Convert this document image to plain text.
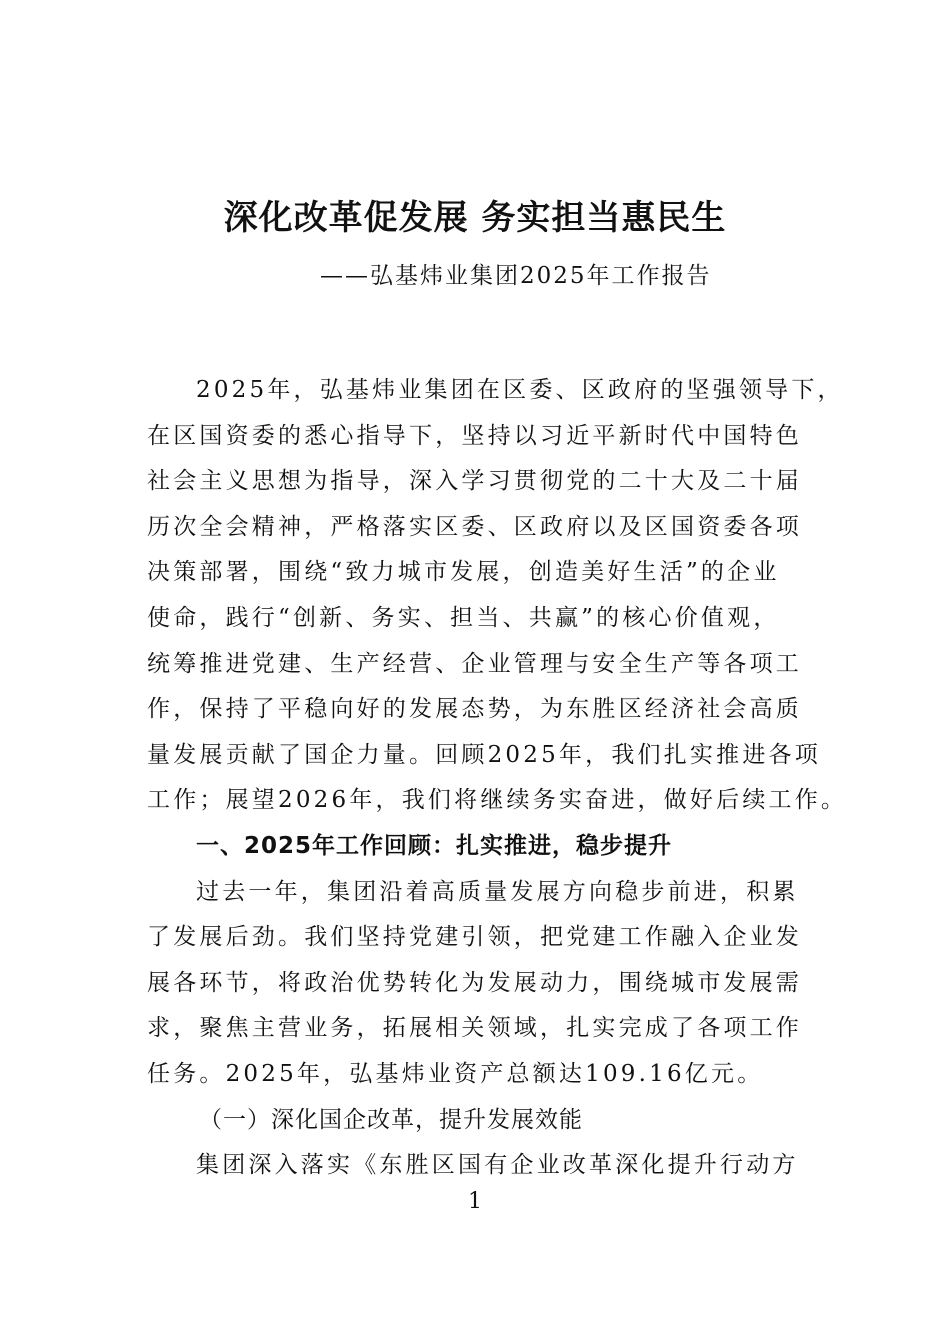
深化改革促发展 务实担当惠民生
——弘基炜业集团2025年工作报告
2025年，弘基炜业集团在区委、区政府的坚强领导下，
在区国资委的悉心指导下，坚持以习近平新时代中国特色
社会主义思想为指导，深入学习贯彻党的二十大及二十届
历次全会精神，严格落实区委、区政府以及区国资委各项
决策部署，围绕“致力城市发展，创造美好生活”的企业
使命，践行“创新、务实、担当、共赢”的核心价值观，
统筹推进党建、生产经营、企业管理与安全生产等各项工
作，保持了平稳向好的发展态势，为东胜区经济社会高质
量发展贡献了国企力量。回顾2025年，我们扎实推进各项
工作；展望2026年，我们将继续务实奋进，做好后续工作。
一、2025年工作回顾：扎实推进，稳步提升
过去一年，集团沿着高质量发展方向稳步前进，积累
了发展后劲。我们坚持党建引领，把党建工作融入企业发
展各环节，将政治优势转化为发展动力，围绕城市发展需
求，聚焦主营业务，拓展相关领域，扎实完成了各项工作
任务。2025年，弘基炜业资产总额达109.16亿元。
（一）深化国企改革，提升发展效能
集团深入落实《东胜区国有企业改革深化提升行动方
1
